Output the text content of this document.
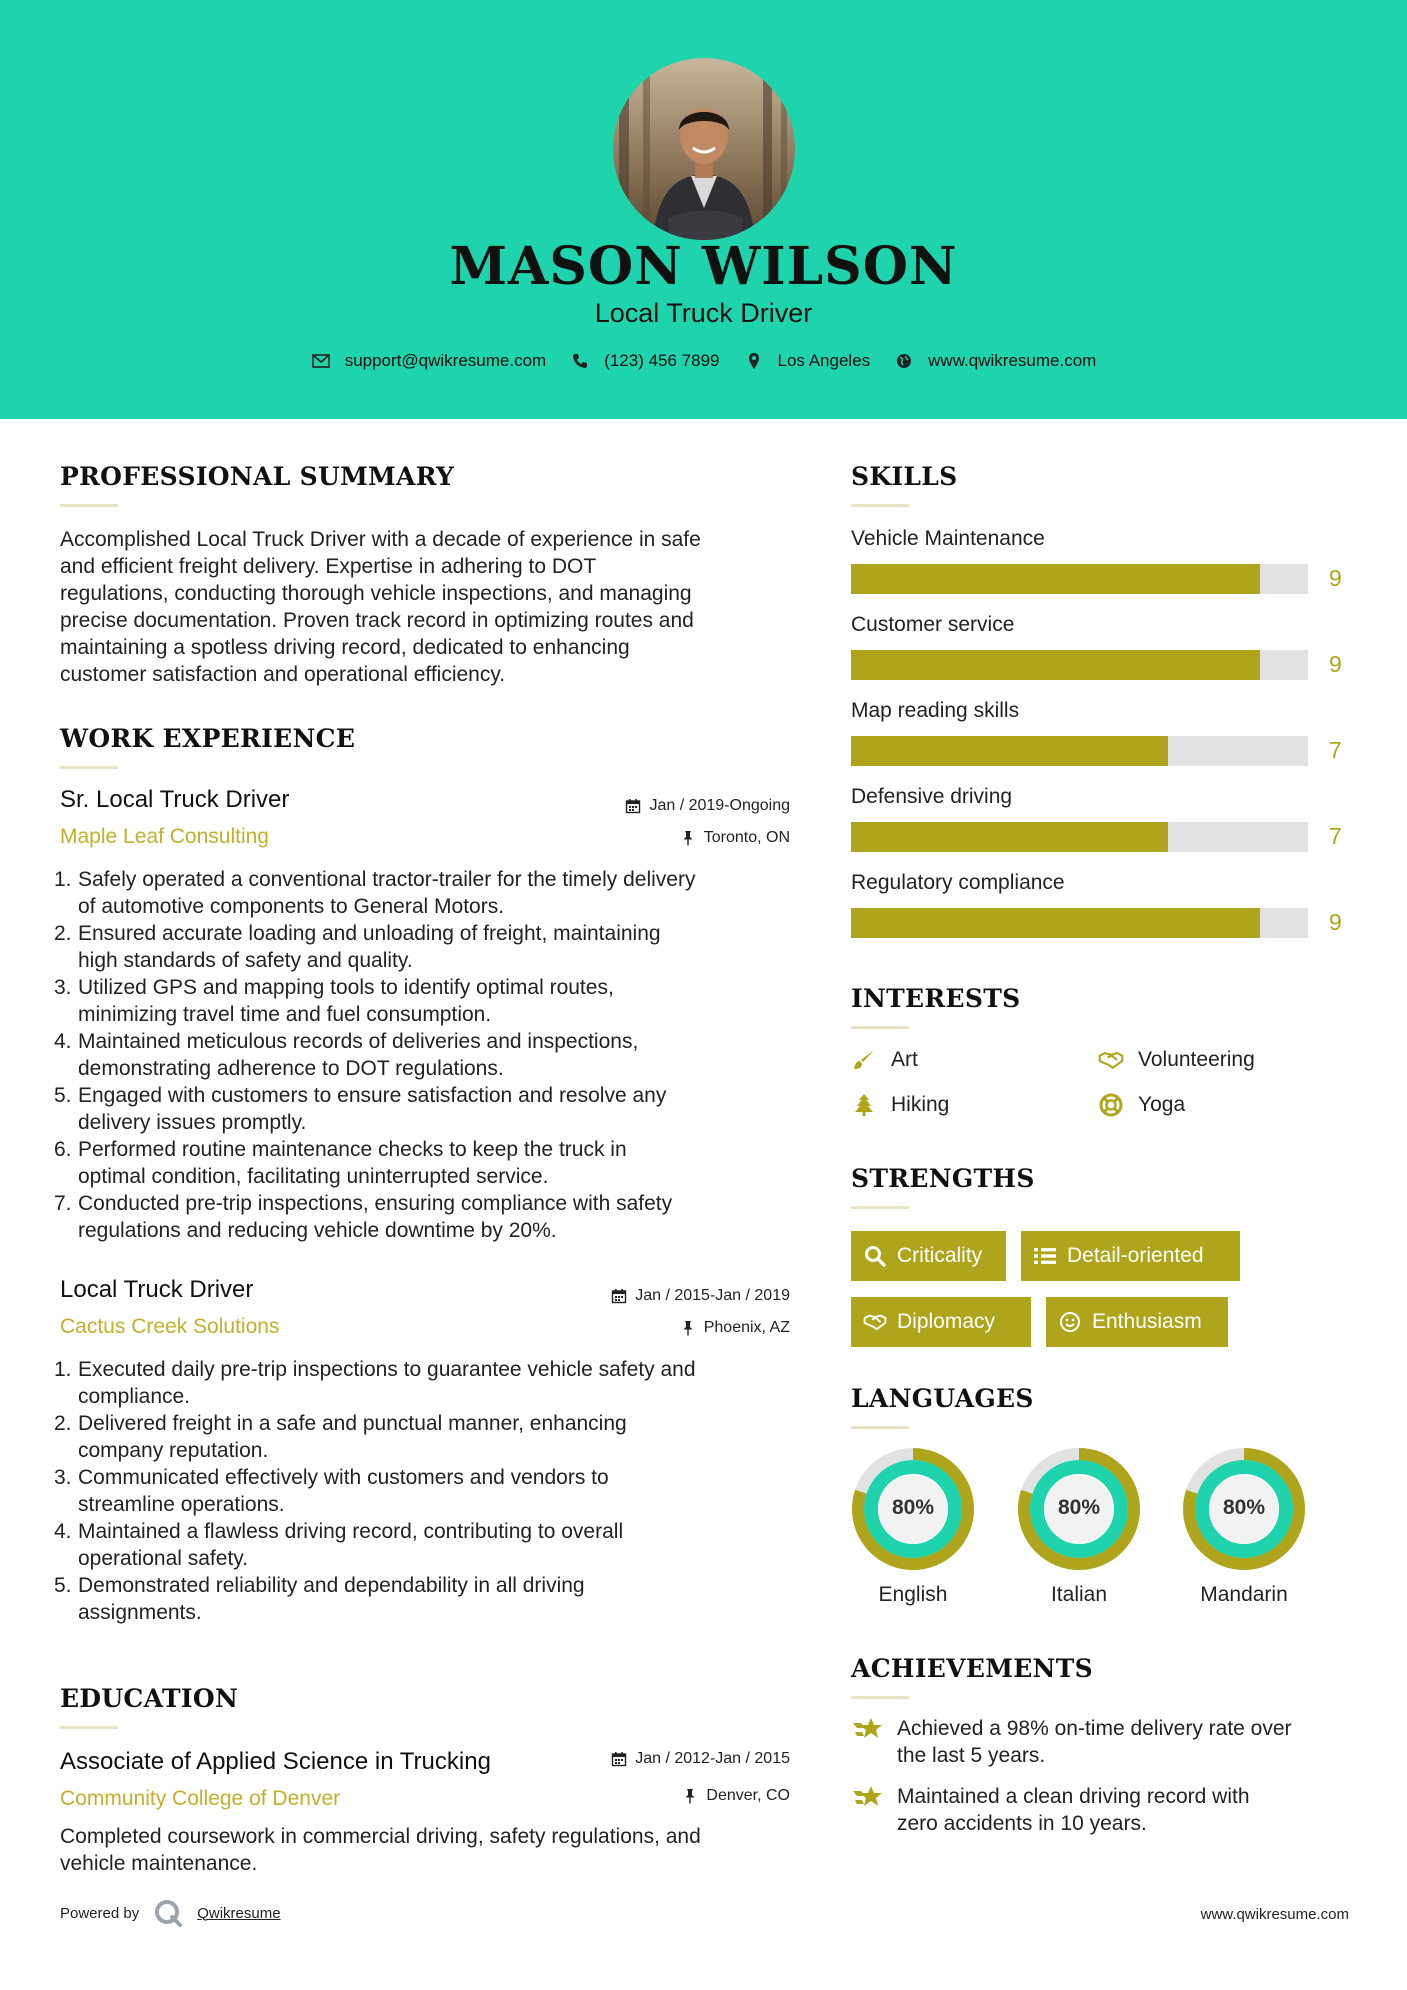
MASON WILSON
Local Truck Driver
support@qwikresume.com	(123) 456 7899	Los Angeles	www.qwikresume.com
PROFESSIONAL SUMMARY
Accomplished Local Truck Driver with a decade of experience in safe
and efficient freight delivery. Expertise in adhering to DOT
regulations, conducting thorough vehicle inspections, and managing
precise documentation. Proven track record in optimizing routes and
maintaining a spotless driving record, dedicated to enhancing
customer satisfaction and operational efficiency.
WORK EXPERIENCE
Sr. Local Truck Driver	Jan / 2019-Ongoing
Maple Leaf Consulting	Toronto, ON
1. Safely operated a conventional tractor-trailer for the timely delivery
of automotive components to General Motors.
2. Ensured accurate loading and unloading of freight, maintaining
high standards of safety and quality.
3. Utilized GPS and mapping tools to identify optimal routes,
minimizing travel time and fuel consumption.
4. Maintained meticulous records of deliveries and inspections,
demonstrating adherence to DOT regulations.
5. Engaged with customers to ensure satisfaction and resolve any
delivery issues promptly.
6. Performed routine maintenance checks to keep the truck in
optimal condition, facilitating uninterrupted service.
7. Conducted pre-trip inspections, ensuring compliance with safety
regulations and reducing vehicle downtime by 20%.
Local Truck Driver	Jan / 2015-Jan / 2019
Cactus Creek Solutions	Phoenix, AZ
1. Executed daily pre-trip inspections to guarantee vehicle safety and
compliance.
2. Delivered freight in a safe and punctual manner, enhancing
company reputation.
3. Communicated effectively with customers and vendors to
streamline operations.
4. Maintained a flawless driving record, contributing to overall
operational safety.
5. Demonstrated reliability and dependability in all driving
assignments.
EDUCATION
Associate of Applied Science in Trucking	Jan / 2012-Jan / 2015
Community College of Denver	Denver, CO
Completed coursework in commercial driving, safety regulations, and
vehicle maintenance.
SKILLS
Vehicle Maintenance
9
Customer service
9
Map reading skills
7
Defensive driving
7
Regulatory compliance
9
INTERESTS
Art	Volunteering
Hiking	Yoga
STRENGTHS
Criticality	Detail-oriented
Diplomacy	Enthusiasm
LANGUAGES
80%
English
80%
Italian
80%
Mandarin
ACHIEVEMENTS
Achieved a 98% on-time delivery rate over
the last 5 years.
Maintained a clean driving record with
zero accidents in 10 years.
Powered by	Qwikresume	www.qwikresume.com
